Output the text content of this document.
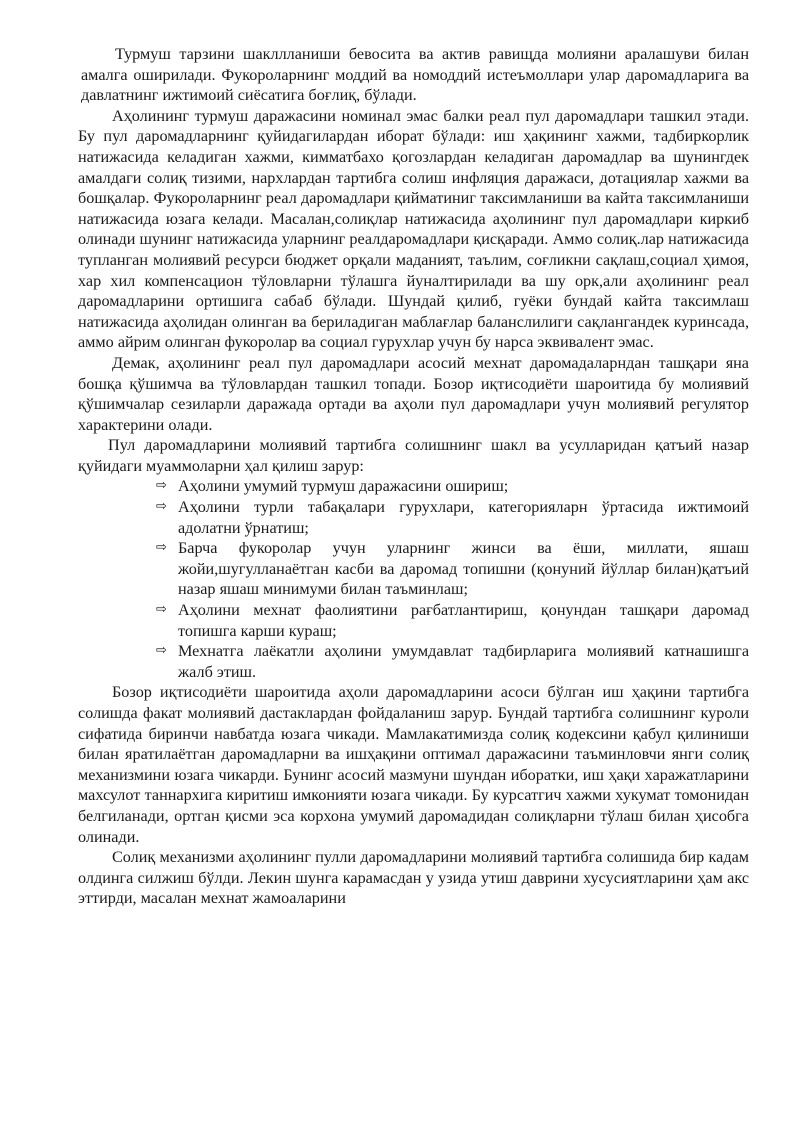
Турмуш тарзини шакллланиши бевосита ва актив равищда молияни аралашуви билан амалга оширилади. Фукороларнинг моддий ва номоддий истеъмоллари улар даромадларига ва давлатнинг ижтимоий сиёсатига боғлиқ, бўлади.

Аҳолининг турмуш даражасини номинал эмас балки реал пул даромадлари ташкил этади. Бу пул даромадларнинг қуйидагилардан иборат бўлади: иш ҳақининг хажми, тадбиркорлик натижасида келадиган хажми, кимматбахо қогозлардан келадиган даромадлар ва шунингдек амалдаги солиқ тизими, нархлардан тартибга солиш инфляция даражаси, дотациялар хажми ва бошқалар. Фукороларнинг реал даромадлари қийматиниг таксимланиши ва кайта таксимланиши натижасида юзага келади. Масалан,солиқлар натижасида аҳолининг пул даромадлари киркиб олинади шунинг натижасида уларнинг реалдаромадлари қисқаради. Аммо солиқ.лар натижасида тупланган молиявий ресурси бюджет орқали маданият, таълим, соғликни сақлаш,социал ҳимоя, хар хил компенсацион тўловларни тўлашга йуналтирилади ва шу орк,али аҳолининг реал даромадларини ортишига сабаб бўлади. Шундай қилиб, гуёки бундай кайта таксимлаш натижасида аҳолидан олинган ва бериладиган маблағлар баланслилиги сақлангандек куринсада, аммо айрим олинган фукоролар ва социал гурухлар учун бу нарса эквивалент эмас.

Демак, аҳолининг реал пул даромадлари асосий мехнат даромадаларндан ташқари яна бошқа қўшимча ва тўловлардан ташкил топади. Бозор иқтисодиёти шароитида бу молиявий қўшимчалар сезиларли даражада ортади ва аҳоли пул даромадлари учун молиявий регулятор характерини олади.

Пул даромадларини молиявий тартибга солишнинг шакл ва усулларидан қатъий назар қуйидаги муаммоларни ҳал қилиш зарур:

⇨ Аҳолини умумий турмуш даражасини ошириш;
⇨ Аҳолини турли табақалари гурухлари, категорияларн ўртасида ижтимоий адолатни ўрнатиш;
⇨ Барча фукоролар учун уларнинг жинси ва ёши, миллати, яшаш жойи,шугулланаётган касби ва даромад топишни (қонуний йўллар билан)қатъий назар яшаш минимуми билан таъминлаш;
⇨ Аҳолини мехнат фаолиятини рағбатлантириш, қонундан ташқари даромад топишга карши кураш;
⇨ Мехнатга лаёкатли аҳолини умумдавлат тадбирларига молиявий катнашишга жалб этиш.

Бозор иқтисодиёти шароитида аҳоли даромадларини асоси бўлган иш ҳақини тартибга солишда факат молиявий дастаклардан фойдаланиш зарур. Бундай тартибга солишнинг куроли сифатида биринчи навбатда юзага чикади. Мамлакатимизда солиқ кодексини қабул қилиниши билан яратилаётган даромадларни ва ишҳақини оптимал даражасини таъминловчи янги солиқ механизмини юзага чикарди. Бунинг асосий мазмуни шундан иборатки, иш ҳақи харажатларини махсулот таннархига киритиш имконияти юзага чикади. Бу курсатгич хажми хукумат томонидан белгиланади, ортган қисми эса корхона умумий даромадидан солиқларни тўлаш билан ҳисобга олинади.

Солиқ механизми аҳолининг пулли даромадларини молиявий тартибга солишида бир кадам олдинга силжиш бўлди. Лекин шунга карамасдан у узида утиш даврини хусусиятларини ҳам акс эттирди, масалан мехнат жамоаларини
